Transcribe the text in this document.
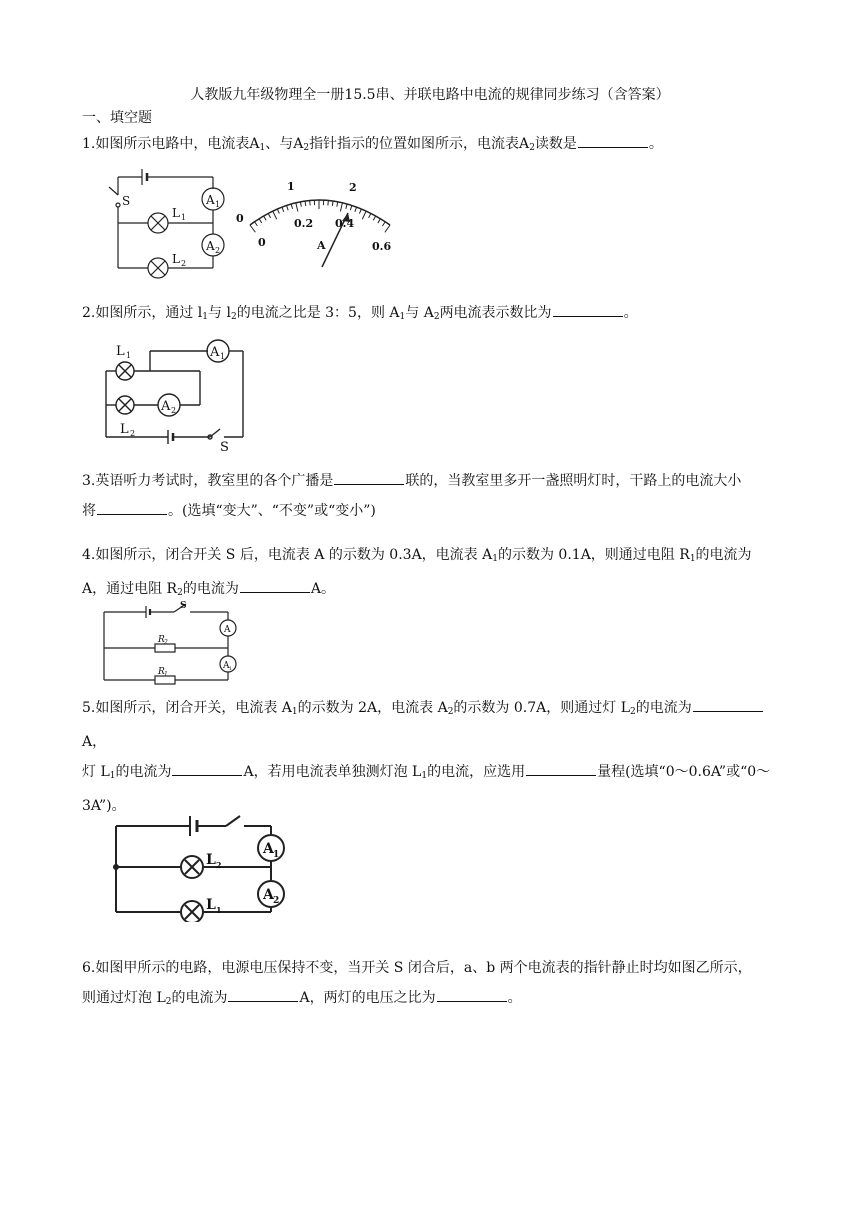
人教版九年级物理全一册15.5串、并联电路中电流的规律同步练习（含答案）
一、填空题

1.如图所示电路中，电流表$A_1$、与$A_2$指针指示的位置如图所示，电流表$A_2$读数是	。

S
L 1
L 2
A 1
A 2
0
1	2
0
0.2 0.4
0.6
A

2.如图所示，通过 $l_1$与 $l_2$的电流之比是 3：5，则 $A_1$与 $A_2$两电流表示数比为	。

L 1
L 2
A 1
A 2
S

3.英语听力考试时，教室里的各个广播是	联的，当教室里多开一盏照明灯时，干路上的电流大小

将	。(选填“变大”、“不变”或“变小”)

4.如图所示，闭合开关 S 后，电流表 A 的示数为 0.3A，电流表 $A_1$的示数为 0.1A，则通过电阻 $R_1$的电流为

A，通过电阻 $R_2$的电流为	A。

S
R 2
R 1
A
A 1

5.如图所示，闭合开关，电流表 $A_1$的示数为 2A，电流表 $A_2$的示数为 0.7A，则通过灯 $L_2$的电流为A，

灯 $L_1$的电流为	A，若用电流表单独测灯泡 $L_1$的电流，应选用	量程(选填“0～0.6A”或“0～

3A”)。

L 2
L 1
A 1
A 2

6.如图甲所示的电路，电源电压保持不变，当开关 S 闭合后，a、b 两个电流表的指针静止时均如图乙所示，

则通过灯泡 $L_2$的电流为	A，两灯的电压之比为	。
